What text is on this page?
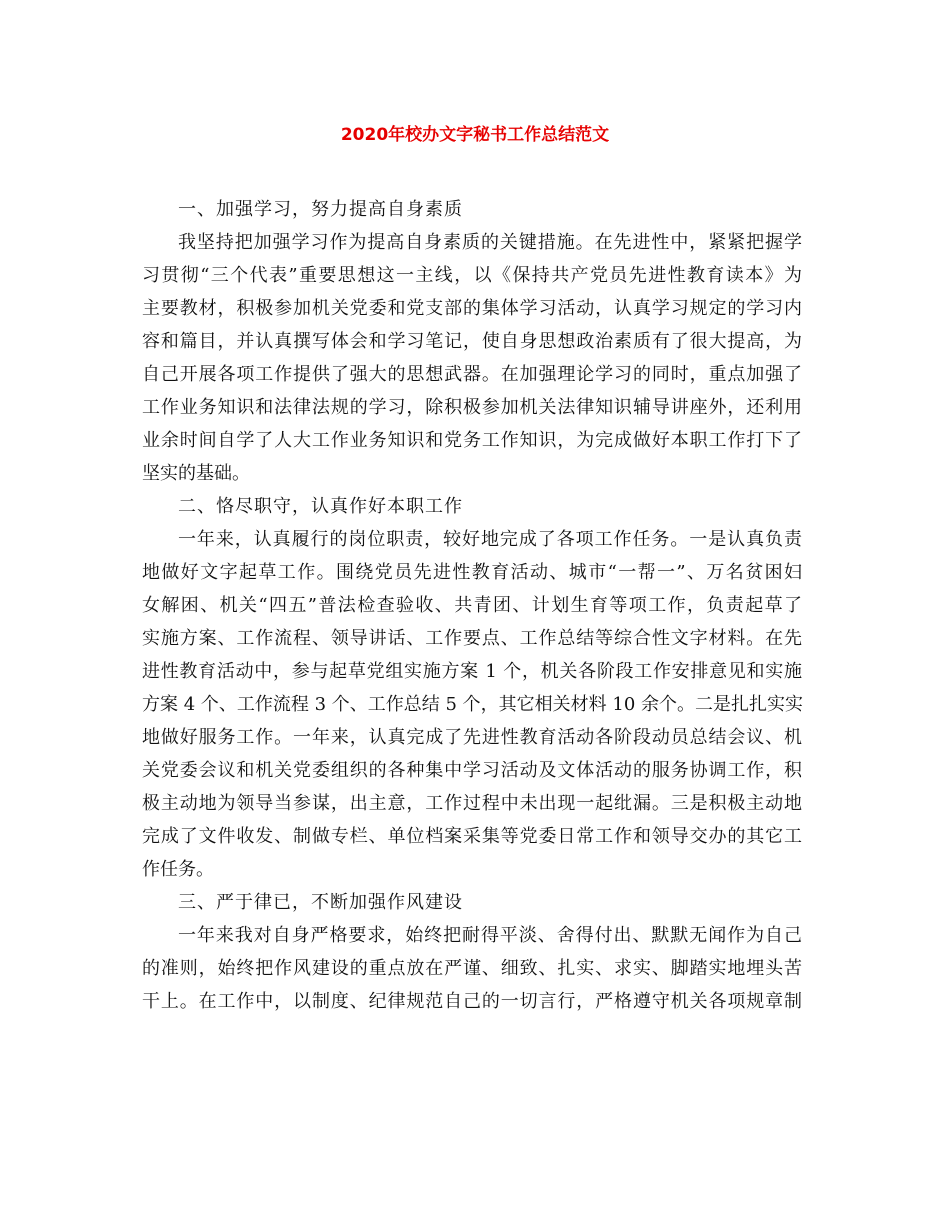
2020年校办文字秘书工作总结范文

一、加强学习，努力提高自身素质

我坚持把加强学习作为提高自身素质的关键措施。在先进性中，紧紧把握学
习贯彻“三个代表”重要思想这一主线，以《保持共产党员先进性教育读本》为
主要教材，积极参加机关党委和党支部的集体学习活动，认真学习规定的学习内
容和篇目，并认真撰写体会和学习笔记，使自身思想政治素质有了很大提高，为
自己开展各项工作提供了强大的思想武器。在加强理论学习的同时，重点加强了
工作业务知识和法律法规的学习，除积极参加机关法律知识辅导讲座外，还利用
业余时间自学了人大工作业务知识和党务工作知识，为完成做好本职工作打下了
坚实的基础。

二、恪尽职守，认真作好本职工作

一年来，认真履行的岗位职责，较好地完成了各项工作任务。一是认真负责
地做好文字起草工作。围绕党员先进性教育活动、城市“一帮一”、万名贫困妇
女解困、机关“四五”普法检查验收、共青团、计划生育等项工作，负责起草了
实施方案、工作流程、领导讲话、工作要点、工作总结等综合性文字材料。在先
进性教育活动中，参与起草党组实施方案 1 个，机关各阶段工作安排意见和实施
方案 4 个、工作流程 3 个、工作总结 5 个，其它相关材料 10 余个。二是扎扎实实
地做好服务工作。一年来，认真完成了先进性教育活动各阶段动员总结会议、机
关党委会议和机关党委组织的各种集中学习活动及文体活动的服务协调工作，积
极主动地为领导当参谋，出主意，工作过程中未出现一起纰漏。三是积极主动地
完成了文件收发、制做专栏、单位档案采集等党委日常工作和领导交办的其它工
作任务。

三、严于律已，不断加强作风建设

一年来我对自身严格要求，始终把耐得平淡、舍得付出、默默无闻作为自己
的准则，始终把作风建设的重点放在严谨、细致、扎实、求实、脚踏实地埋头苦
干上。在工作中，以制度、纪律规范自己的一切言行，严格遵守机关各项规章制
